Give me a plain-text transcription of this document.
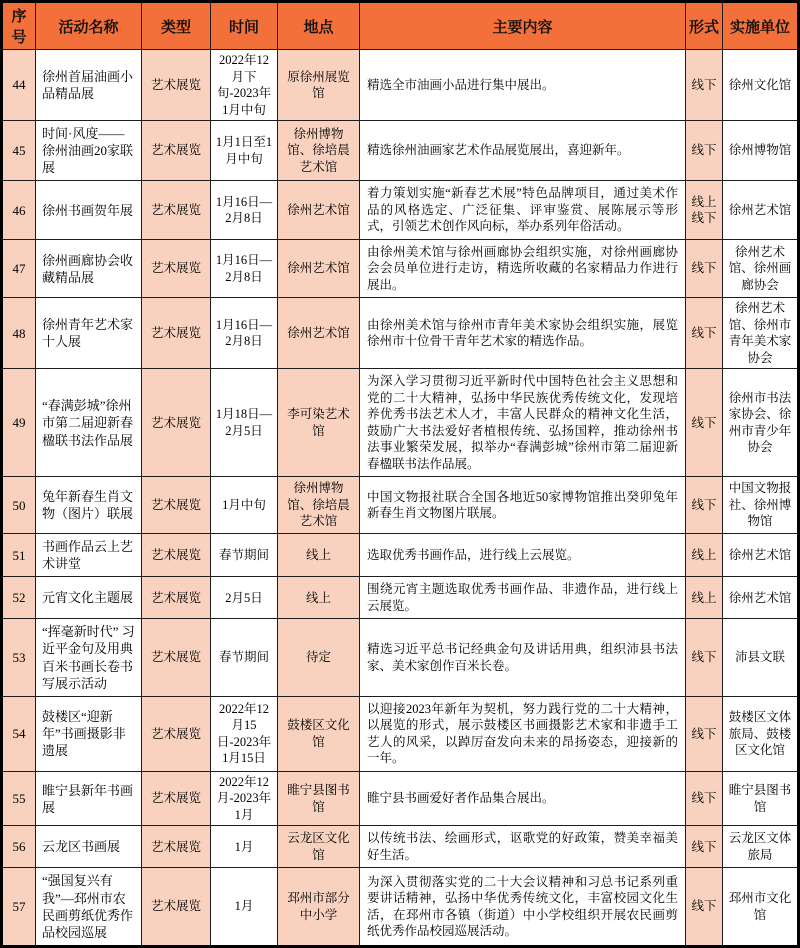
序号	活动名称	类型	时间	地点	主要内容	形式	实施单位
44	徐州首届油画小品精品展	艺术展览	2022年12月下旬-2023年1月中旬	原徐州展览馆	精选全市油画小品进行集中展出。	线下	徐州文化馆
45	时间·风度——徐州油画20家联展	艺术展览	1月1日至1月中旬	徐州博物馆、徐培晨艺术馆	精选徐州油画家艺术作品展览展出，喜迎新年。	线下	徐州博物馆
46	徐州书画贺年展	艺术展览	1月16日—2月8日	徐州艺术馆	着力策划实施“新春艺术展”特色品牌项目，通过美术作品的风格选定、广泛征集、评审鉴赏、展陈展示等形式，引领艺术创作风向标，举办系列年俗活动。	线上线下	徐州艺术馆
47	徐州画廊协会收藏精品展	艺术展览	1月16日—2月8日	徐州艺术馆	由徐州美术馆与徐州画廊协会组织实施，对徐州画廊协会会员单位进行走访，精选所收藏的名家精品力作进行展出。	线下	徐州艺术馆、徐州画廊协会
48	徐州青年艺术家十人展	艺术展览	1月16日—2月8日	徐州艺术馆	由徐州美术馆与徐州市青年美术家协会组织实施，展览徐州市十位骨干青年艺术家的精选作品。	线下	徐州艺术馆、徐州市青年美术家协会
49	“春满彭城”徐州市第二届迎新春楹联书法作品展	艺术展览	1月18日—2月5日	李可染艺术馆	为深入学习贯彻习近平新时代中国特色社会主义思想和党的二十大精神，弘扬中华民族优秀传统文化，发现培养优秀书法艺术人才，丰富人民群众的精神文化生活，鼓励广大书法爱好者植根传统、弘扬国粹，推动徐州书法事业繁荣发展，拟举办“春满彭城”徐州市第二届迎新春楹联书法作品展。	线下	徐州市书法家协会、徐州市青少年协会
50	兔年新春生肖文物（图片）联展	艺术展览	1月中旬	徐州博物馆、徐培晨艺术馆	中国文物报社联合全国各地近50家博物馆推出癸卯兔年新春生肖文物图片联展。	线下	中国文物报社、徐州博物馆
51	书画作品云上艺术讲堂	艺术展览	春节期间	线上	选取优秀书画作品，进行线上云展览。	线上	徐州艺术馆
52	元宵文化主题展	艺术展览	2月5日	线上	围绕元宵主题选取优秀书画作品、非遗作品，进行线上云展览。	线上	徐州艺术馆
53	“挥毫新时代” 习近平金句及用典 百米书画长卷书写展示活动	艺术展览	春节期间	待定	精选习近平总书记经典金句及讲话用典，组织沛县书法家、美术家创作百米长卷。	线下	沛县文联
54	鼓楼区“迎新年”书画摄影非遗展	艺术展览	2022年12月15日-2023年1月15日	鼓楼区文化馆	以迎接2023年新年为契机，努力践行党的二十大精神，以展览的形式，展示鼓楼区书画摄影艺术家和非遗手工艺人的风采，以踔厉奋发向未来的昂扬姿态，迎接新的一年。	线下	鼓楼区文体旅局、鼓楼区文化馆
55	睢宁县新年书画展	艺术展览	2022年12月-2023年1月	睢宁县图书馆	睢宁县书画爱好者作品集合展出。	线下	睢宁县图书馆
56	云龙区书画展	艺术展览	1月	云龙区文化馆	以传统书法、绘画形式，讴歌党的好政策，赞美幸福美好生活。	线下	云龙区文体旅局
57	“强国复兴有我”—邳州市农民画剪纸优秀作品校园巡展	艺术展览	1月	邳州市部分中小学	为深入贯彻落实党的二十大会议精神和习总书记系列重要讲话精神，弘扬中华优秀传统文化，丰富校园文化生活，在邳州市各镇（街道）中小学校组织开展农民画剪纸优秀作品校园巡展活动。	线下	邳州市文化馆
